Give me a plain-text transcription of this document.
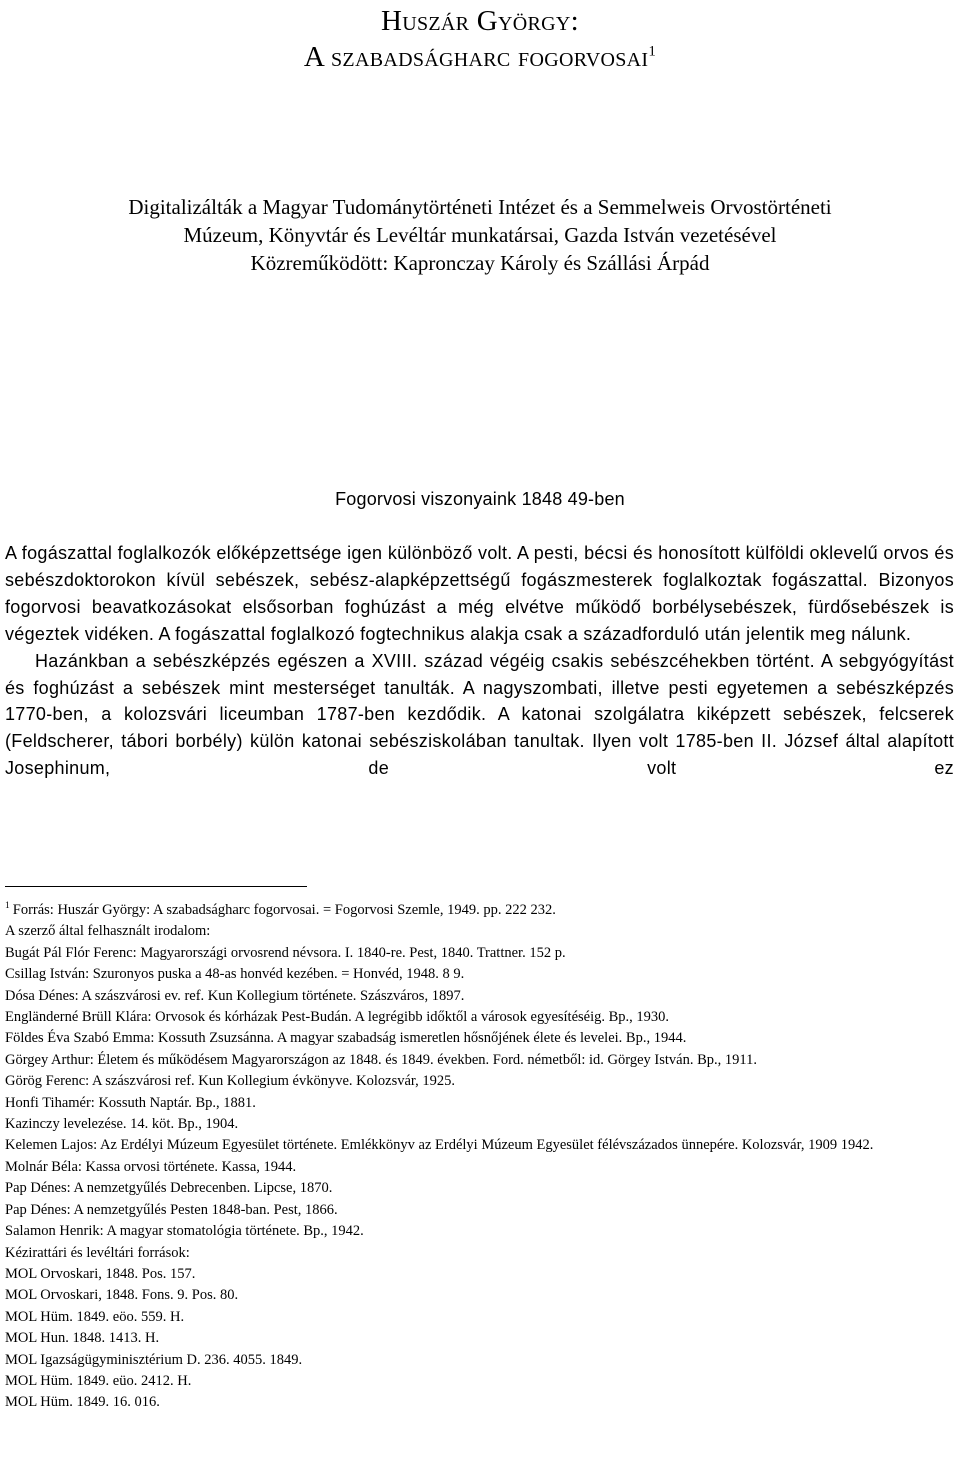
Huszár György:
A szabadságharc fogorvosai$^1$
Digitalizálták a Magyar Tudománytörténeti Intézet és a Semmelweis Orvostörténeti
Múzeum, Könyvtár és Levéltár munkatársai, Gazda István vezetésével
Közreműködött: Kapronczay Károly és Szállási Árpád
Fogorvosi viszonyaink 1848 49-ben

A fogászattal foglalkozók előképzettsége igen különböző volt. A pesti, bécsi és honosított külföldi oklevelű orvos és sebészdoktorokon kívül sebészek, sebész-alapképzettségű fogászmesterek foglalkoztak fogászattal. Bizonyos fogorvosi beavatkozásokat elsősorban foghúzást a még elvétve működő borbélysebészek, fürdősebészek is végeztek vidéken. A fogászattal foglalkozó fogtechnikus alakja csak a századforduló után jelentik meg nálunk.

Hazánkban a sebészképzés egészen a XVIII. század végéig csakis sebészcéhekben történt. A sebgyógyítást és foghúzást a sebészek mint mesterséget tanulták. A nagyszombati, illetve pesti egyetemen a sebészképzés 1770-ben, a kolozsvári liceumban 1787-ben kezdődik. A katonai szolgálatra kiképzett sebészek, felcserek (Feldscherer, tábori borbély) külön katonai sebésziskolában tanultak. Ilyen volt 1785-ben II. József által alapított Josephinum, de volt ez

$^1$ Forrás: Huszár György: A szabadságharc fogorvosai. = Fogorvosi Szemle, 1949. pp. 222 232.
A szerző által felhasznált irodalom:
Bugát Pál Flór Ferenc: Magyarországi orvosrend névsora. I. 1840-re. Pest, 1840. Trattner. 152 p.
Csillag István: Szuronyos puska a 48-as honvéd kezében. = Honvéd, 1948. 8 9.
Dósa Dénes: A szászvárosi ev. ref. Kun Kollegium története. Szászváros, 1897.
Engländerné Brüll Klára: Orvosok és kórházak Pest-Budán. A legrégibb időktől a városok egyesítéséig. Bp., 1930.
Földes Éva Szabó Emma: Kossuth Zsuzsánna. A magyar szabadság ismeretlen hősnőjének élete és levelei. Bp., 1944.
Görgey Arthur: Életem és működésem Magyarországon az 1848. és 1849. években. Ford. németből: id. Görgey István. Bp., 1911.
Görög Ferenc: A szászvárosi ref. Kun Kollegium évkönyve. Kolozsvár, 1925.
Honfi Tihamér: Kossuth Naptár. Bp., 1881.
Kazinczy levelezése. 14. köt. Bp., 1904.
Kelemen Lajos: Az Erdélyi Múzeum Egyesület története. Emlékkönyv az Erdélyi Múzeum Egyesület félévszázados ünnepére. Kolozsvár, 1909 1942.
Molnár Béla: Kassa orvosi története. Kassa, 1944.
Pap Dénes: A nemzetgyűlés Debrecenben. Lipcse, 1870.
Pap Dénes: A nemzetgyűlés Pesten 1848-ban. Pest, 1866.
Salamon Henrik: A magyar stomatológia története. Bp., 1942.
Kézirattári és levéltári források:
MOL Orvoskari, 1848. Pos. 157.
MOL Orvoskari, 1848. Fons. 9. Pos. 80.
MOL Hüm. 1849. eöo. 559. H.
MOL Hun. 1848. 1413. H.
MOL Igazságügyminisztérium D. 236. 4055. 1849.
MOL Hüm. 1849. eüo. 2412. H.
MOL Hüm. 1849. 16. 016.
